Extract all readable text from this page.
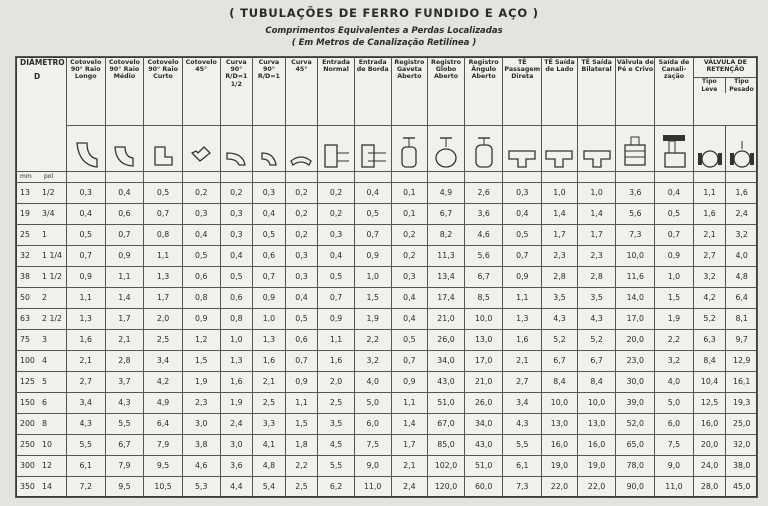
( TUBULAÇÕES DE FERRO FUNDIDO E AÇO )
Comprimentos Equivalentes a Perdas Localizadas
( Em Metros de Canalização Retilínea )
DIÂMETRO

D	Cotovelo 90° Raio Longo	Cotovelo 90° Raio Médio	Cotovelo 90° Raio Curto	Cotovelo 45°	Curva 90° R/D=1 1/2	Curva 90° R/D=1	Curva 45°	Entrada Normal	Entrada de Borda	Registro Gaveta Aberto	Registro Globo Aberto	Registro Ângulo Aberto	TÊ Passagem Direta	TÊ Saída de Lado	TÊ Saída Bilateral	Válvula de Pé e Crivo	Saída de Canali-zação	VÁLVULA DE RETENÇÃO
Tipo Leve
Tipo Pesado	

mm pol																			
13 1/2	0,3	0,4	0,5	0,2	0,2	0,3	0,2	0,2	0,4	0,1	4,9	2,6	0,3	1,0	1,0	3,6	0,4	1,1	1,6
19 3/4	0,4	0,6	0,7	0,3	0,3	0,4	0,2	0,2	0,5	0,1	6,7	3,6	0,4	1,4	1,4	5,6	0,5	1,6	2,4
25 1	0,5	0,7	0,8	0,4	0,3	0,5	0,2	0,3	0,7	0,2	8,2	4,6	0,5	1,7	1,7	7,3	0,7	2,1	3,2
32 1 1/4	0,7	0,9	1,1	0,5	0,4	0,6	0,3	0,4	0,9	0,2	11,3	5,6	0,7	2,3	2,3	10,0	0,9	2,7	4,0
38 1 1/2	0,9	1,1	1,3	0,6	0,5	0,7	0,3	0,5	1,0	0,3	13,4	6,7	0,9	2,8	2,8	11,6	1,0	3,2	4,8
50 2	1,1	1,4	1,7	0,8	0,6	0,9	0,4	0,7	1,5	0,4	17,4	8,5	1,1	3,5	3,5	14,0	1,5	4,2	6,4
63 2 1/2	1,3	1,7	2,0	0,9	0,8	1,0	0,5	0,9	1,9	0,4	21,0	10,0	1,3	4,3	4,3	17,0	1,9	5,2	8,1
75 3	1,6	2,1	2,5	1,2	1,0	1,3	0,6	1,1	2,2	0,5	26,0	13,0	1,6	5,2	5,2	20,0	2,2	6,3	9,7
100 4	2,1	2,8	3,4	1,5	1,3	1,6	0,7	1,6	3,2	0,7	34,0	17,0	2,1	6,7	6,7	23,0	3,2	8,4	12,9
125 5	2,7	3,7	4,2	1,9	1,6	2,1	0,9	2,0	4,0	0,9	43,0	21,0	2,7	8,4	8,4	30,0	4,0	10,4	16,1
150 6	3,4	4,3	4,9	2,3	1,9	2,5	1,1	2,5	5,0	1,1	51,0	26,0	3,4	10,0	10,0	39,0	5,0	12,5	19,3
200 8	4,3	5,5	6,4	3,0	2,4	3,3	1,5	3,5	6,0	1,4	67,0	34,0	4,3	13,0	13,0	52,0	6,0	16,0	25,0
250 10	5,5	6,7	7,9	3,8	3,0	4,1	1,8	4,5	7,5	1,7	85,0	43,0	5,5	16,0	16,0	65,0	7,5	20,0	32,0
300 12	6,1	7,9	9,5	4,6	3,6	4,8	2,2	5,5	9,0	2,1	102,0	51,0	6,1	19,0	19,0	78,0	9,0	24,0	38,0
350 14	7,2	9,5	10,5	5,3	4,4	5,4	2,5	6,2	11,0	2,4	120,0	60,0	7,3	22,0	22,0	90,0	11,0	28,0	45,0
